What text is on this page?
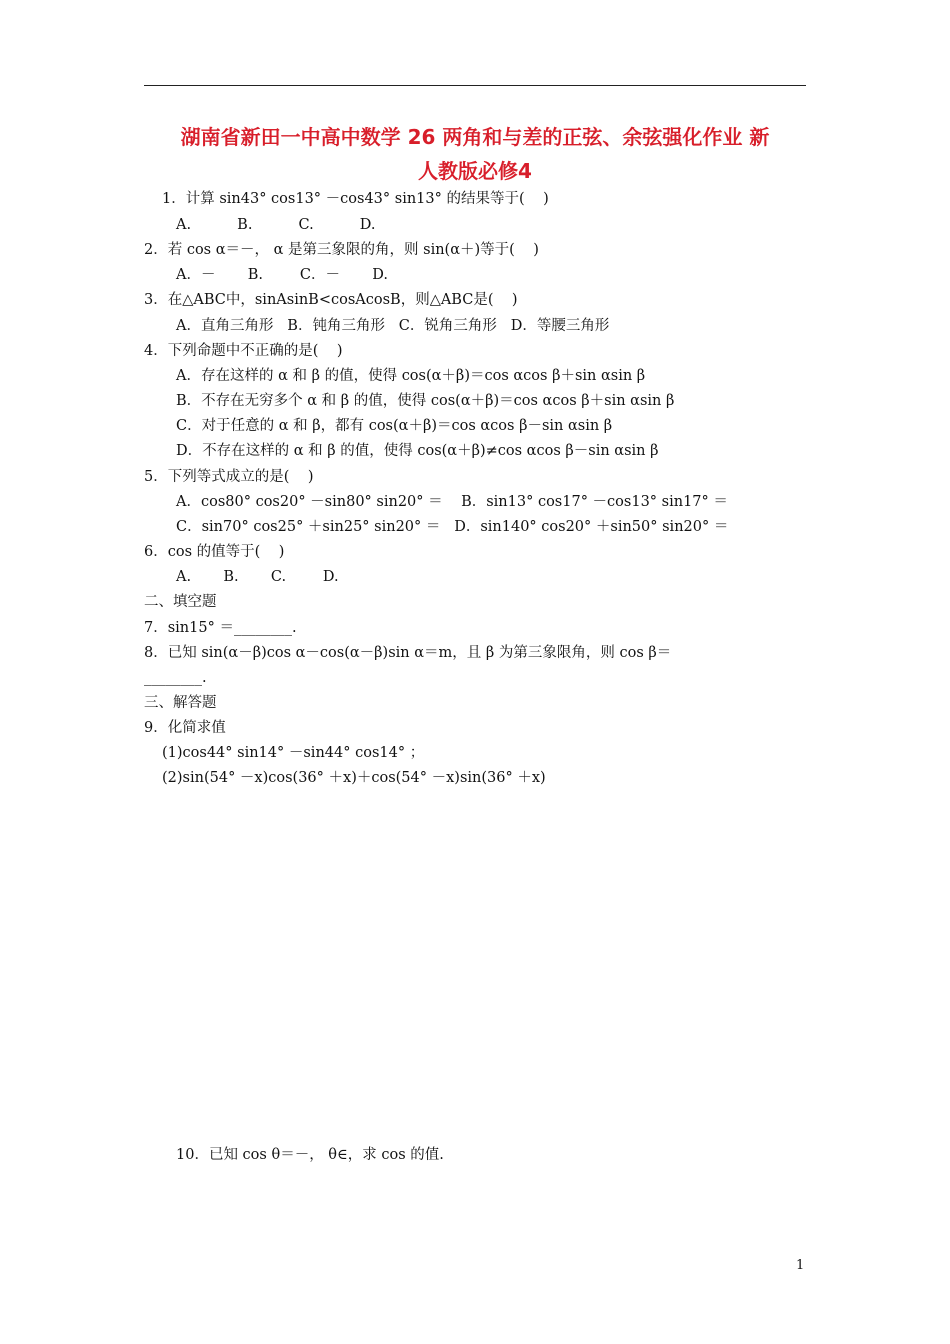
湖南省新田一中高中数学 26 两角和与差的正弦、余弦强化作业 新
人教版必修4
1．计算 sin43° cos13° －cos43° sin13° 的结果等于(    )
A.          B.          C.          D.
2．若 cos α＝－， α 是第三象限的角，则 sin(α＋)等于(    )
A．－       B.        C．－       D.
3．在△ABC中，sinAsinB<cosAcosB，则△ABC是(    )
A．直角三角形   B．钝角三角形   C．锐角三角形   D．等腰三角形
4．下列命题中不正确的是(    )
A．存在这样的 α 和 β 的值，使得 cos(α＋β)＝cos αcos β＋sin αsin β
B．不存在无穷多个 α 和 β 的值，使得 cos(α＋β)＝cos αcos β＋sin αsin β
C．对于任意的 α 和 β，都有 cos(α＋β)＝cos αcos β－sin αsin β
D．不存在这样的 α 和 β 的值，使得 cos(α＋β)≠cos αcos β－sin αsin β
5．下列等式成立的是(    )
A．cos80° cos20° －sin80° sin20° ＝    B．sin13° cos17° －cos13° sin17° ＝
C．sin70° cos25° ＋sin25° sin20° ＝   D．sin140° cos20° ＋sin50° sin20° ＝
6．cos 的值等于(    )
A.       B.       C.        D.
二、填空题
7．sin15° ＝________.
8．已知 sin(α－β)cos α－cos(α－β)sin α＝m，且 β 为第三象限角，则 cos β＝
________.
三、解答题
9．化简求值
(1)cos44° sin14° －sin44° cos14° ；
(2)sin(54° －x)cos(36° ＋x)＋cos(54° －x)sin(36° ＋x)
10．已知 cos θ＝－， θ∈，求 cos 的值.
1
